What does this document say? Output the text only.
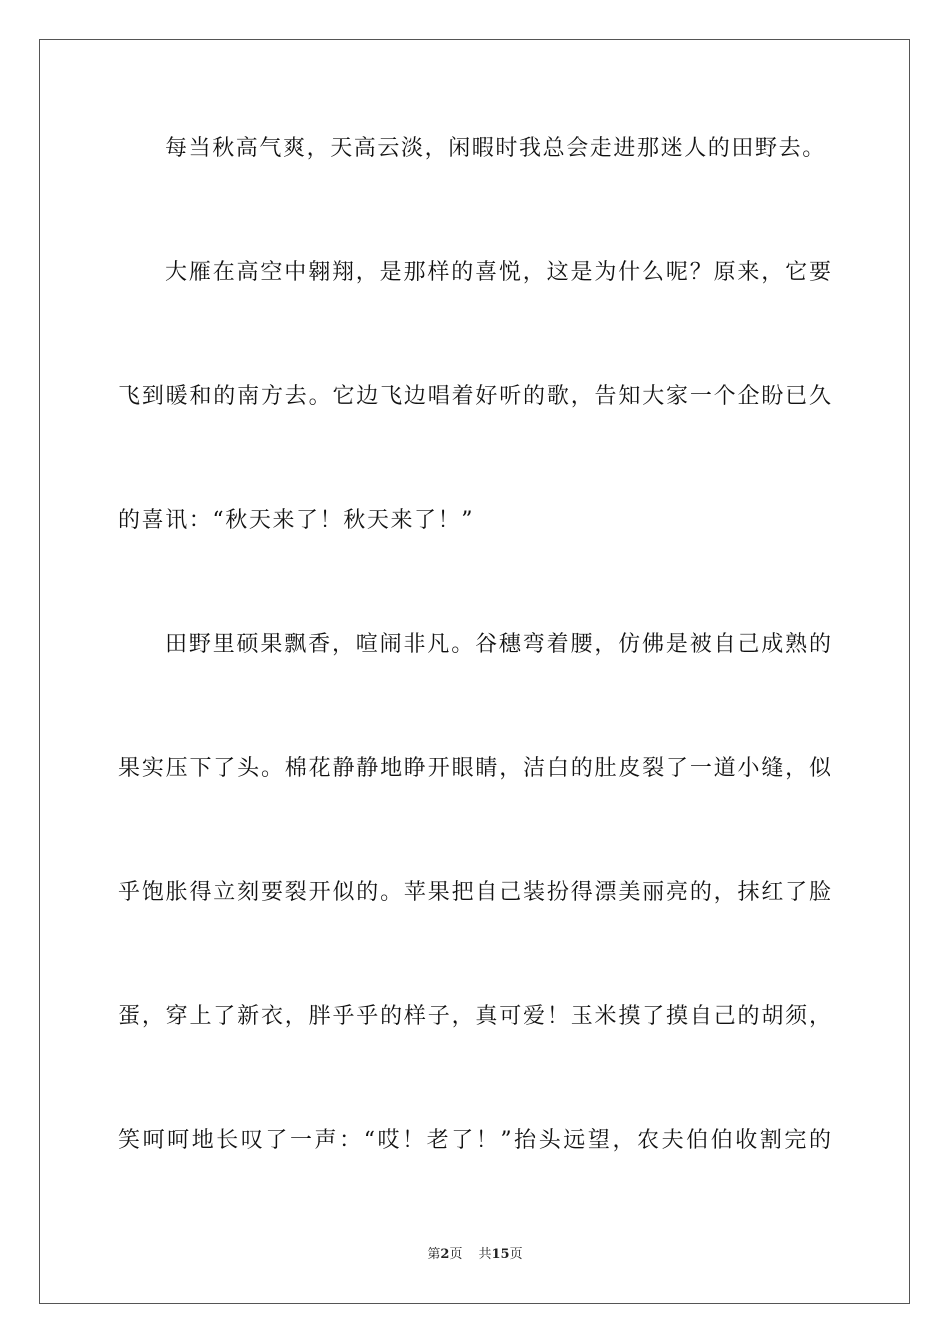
每当秋高气爽，天高云淡，闲暇时我总会走进那迷人的田野去。
大雁在高空中翱翔，是那样的喜悦，这是为什么呢？原来，它要
飞到暖和的南方去。它边飞边唱着好听的歌，告知大家一个企盼已久
的喜讯：“秋天来了！秋天来了！”
田野里硕果飘香，喧闹非凡。谷穗弯着腰，仿佛是被自己成熟的
果实压下了头。棉花静静地睁开眼睛，洁白的肚皮裂了一道小缝，似
乎饱胀得立刻要裂开似的。苹果把自己装扮得漂美丽亮的，抹红了脸
蛋，穿上了新衣，胖乎乎的样子，真可爱！玉米摸了摸自己的胡须，
笑呵呵地长叹了一声：“哎！老了！”抬头远望，农夫伯伯收割完的
第2页 共15页
